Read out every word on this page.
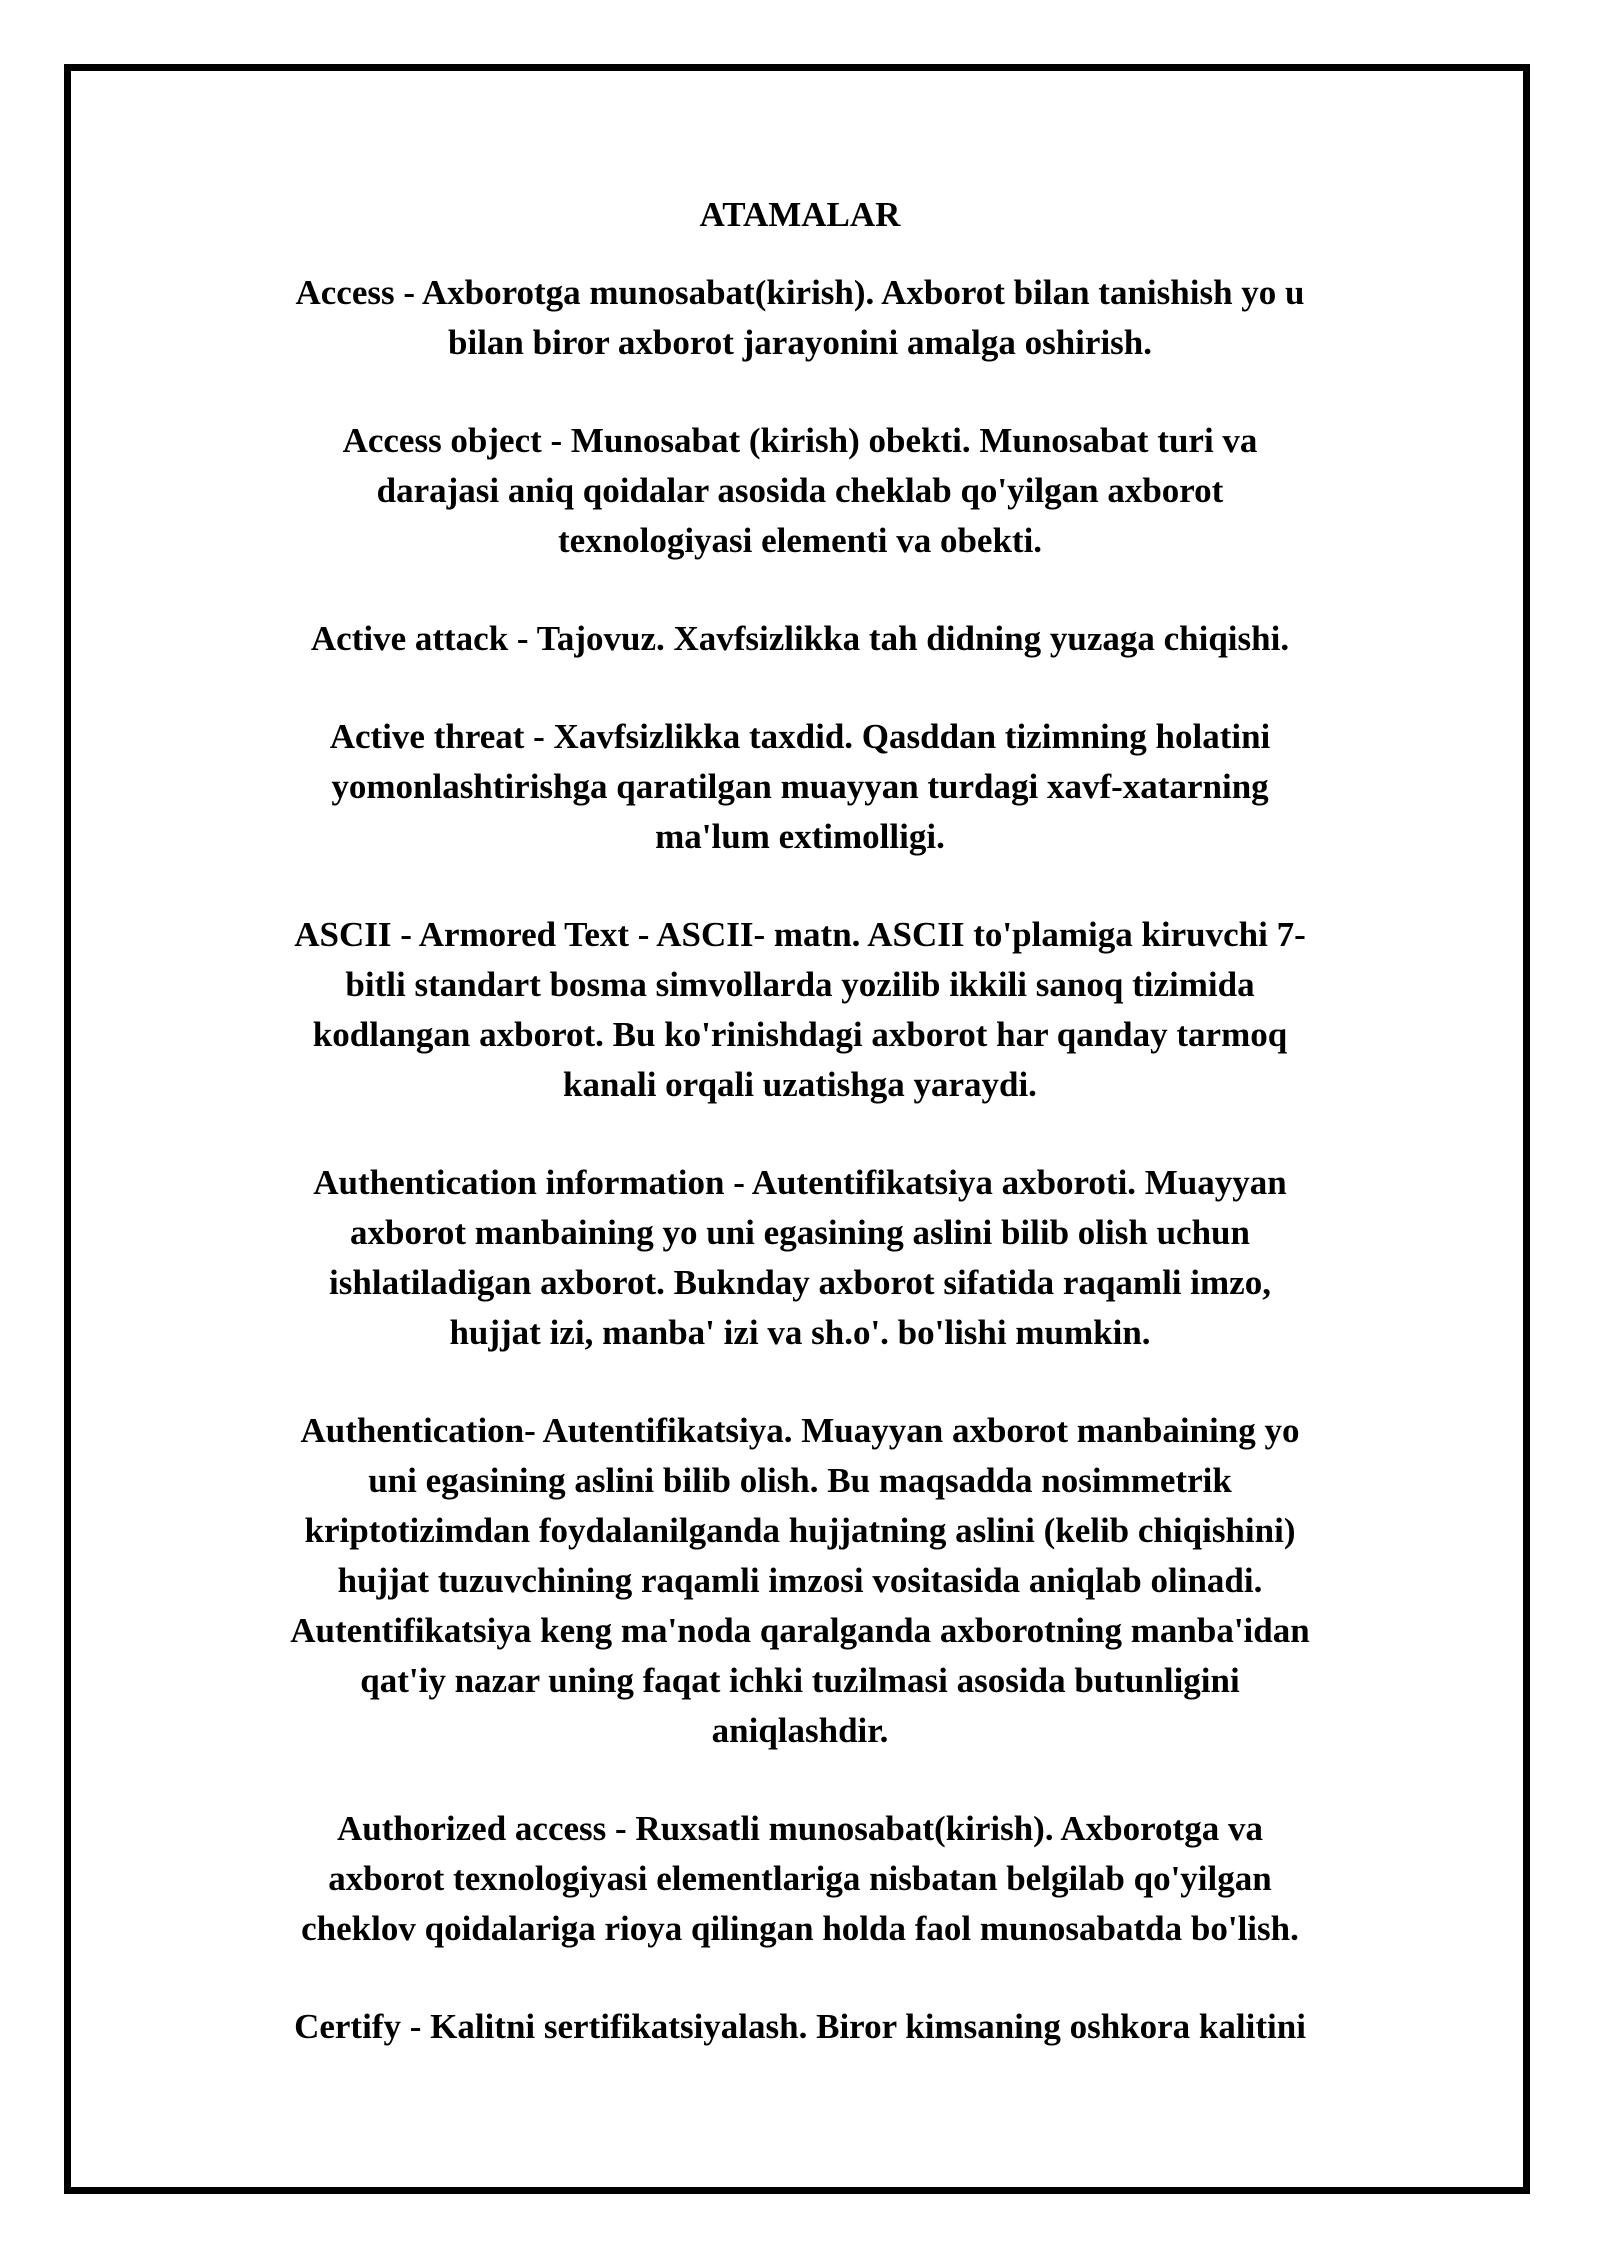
ATAMALAR
Access - Axborotga munosabat(kirish). Axborot bilan tanishish yo u
bilan biror axborot jarayonini amalga oshirish.
Access object - Munosabat (kirish) obekti. Munosabat turi va
darajasi aniq qoidalar asosida cheklab qo'yilgan axborot
texnologiyasi elementi va obekti.
Active attack - Tajovuz. Xavfsizlikka tah didning yuzaga chiqishi.
Active threat - Xavfsizlikka taxdid. Qasddan tizimning holatini
yomonlashtirishga qaratilgan muayyan turdagi xavf-xatarning
ma'lum extimolligi.
ASCII - Armored Text - ASCII- matn. ASCII to'plamiga kiruvchi 7-
bitli standart bosma simvollarda yozilib ikkili sanoq tizimida
kodlangan axborot. Bu ko'rinishdagi axborot har qanday tarmoq
kanali orqali uzatishga yaraydi.
Authentication information - Autentifikatsiya axboroti. Muayyan
axborot manbaining yo uni egasining aslini bilib olish uchun
ishlatiladigan axborot. Buknday axborot sifatida raqamli imzo,
hujjat izi, manba' izi va sh.o'. bo'lishi mumkin.
Authentication- Autentifikatsiya. Muayyan axborot manbaining yo
uni egasining aslini bilib olish. Bu maqsadda nosimmetrik
kriptotizimdan foydalanilganda hujjatning aslini (kelib chiqishini)
hujjat tuzuvchining raqamli imzosi vositasida aniqlab olinadi.
Autentifikatsiya keng ma'noda qaralganda axborotning manba'idan
qat'iy nazar uning faqat ichki tuzilmasi asosida butunligini
aniqlashdir.
Authorized access - Ruxsatli munosabat(kirish). Axborotga va
axborot texnologiyasi elementlariga nisbatan belgilab qo'yilgan
cheklov qoidalariga rioya qilingan holda faol munosabatda bo'lish.
Certify - Kalitni sertifikatsiyalash. Biror kimsaning oshkora kalitini
